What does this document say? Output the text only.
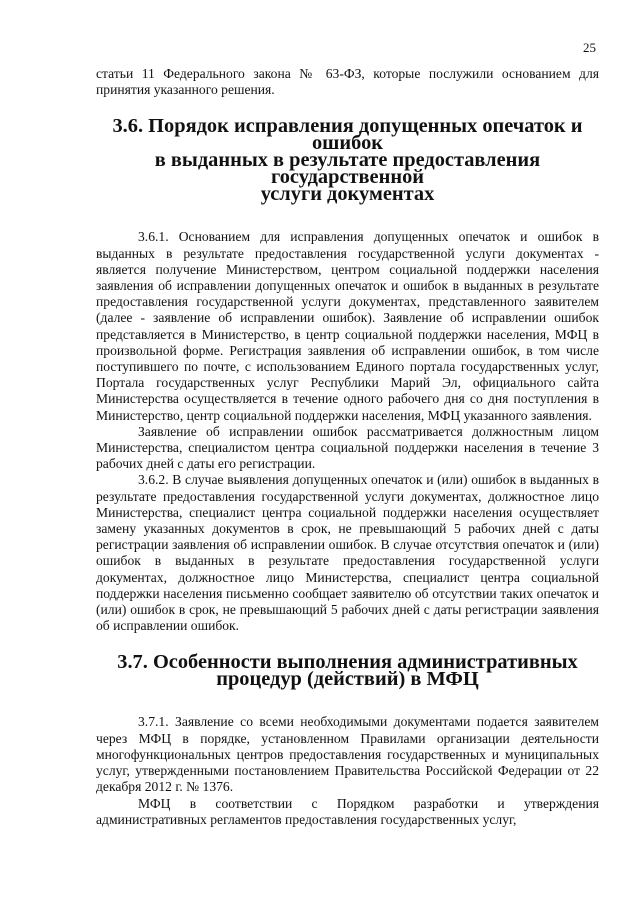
25

статьи 11 Федерального закона № 63-ФЗ, которые послужили основанием для принятия указанного решения.

3.6. Порядок исправления допущенных опечаток и ошибок
в выданных в результате предоставления государственной
услуги документах

3.6.1. Основанием для исправления допущенных опечаток и ошибок в выданных в результате предоставления государственной услуги документах - является получение Министерством, центром социальной поддержки населения заявления об исправлении допущенных опечаток и ошибок в выданных в результате предоставления государственной услуги документах, представленного заявителем (далее - заявление об исправлении ошибок). Заявление об исправлении ошибок представляется в Министерство, в центр социальной поддержки населения, МФЦ в произвольной форме. Регистрация заявления об исправлении ошибок, в том числе поступившего по почте, с использованием Единого портала государственных услуг, Портала государственных услуг Республики Марий Эл, официального сайта Министерства осуществляется в течение одного рабочего дня со дня поступления в Министерство, центр социальной поддержки населения, МФЦ указанного заявления.

Заявление об исправлении ошибок рассматривается должностным лицом Министерства, специалистом центра социальной поддержки населения в течение 3 рабочих дней с даты его регистрации.

3.6.2. В случае выявления допущенных опечаток и (или) ошибок в выданных в результате предоставления государственной услуги документах, должностное лицо Министерства, специалист центра социальной поддержки населения осуществляет замену указанных документов в срок, не превышающий 5 рабочих дней с даты регистрации заявления об исправлении ошибок. В случае отсутствия опечаток и (или) ошибок в выданных в результате предоставления государственной услуги документах, должностное лицо Министерства, специалист центра социальной поддержки населения письменно сообщает заявителю об отсутствии таких опечаток и (или) ошибок в срок, не превышающий 5 рабочих дней с даты регистрации заявления об исправлении ошибок.

3.7. Особенности выполнения административных
процедур (действий) в МФЦ

3.7.1. Заявление со всеми необходимыми документами подается заявителем через МФЦ в порядке, установленном Правилами организации деятельности многофункциональных центров предоставления государственных и муниципальных услуг, утвержденными постановлением Правительства Российской Федерации от 22 декабря 2012 г. № 1376.

МФЦ в соответствии с Порядком разработки и утверждения административных регламентов предоставления государственных услуг,
